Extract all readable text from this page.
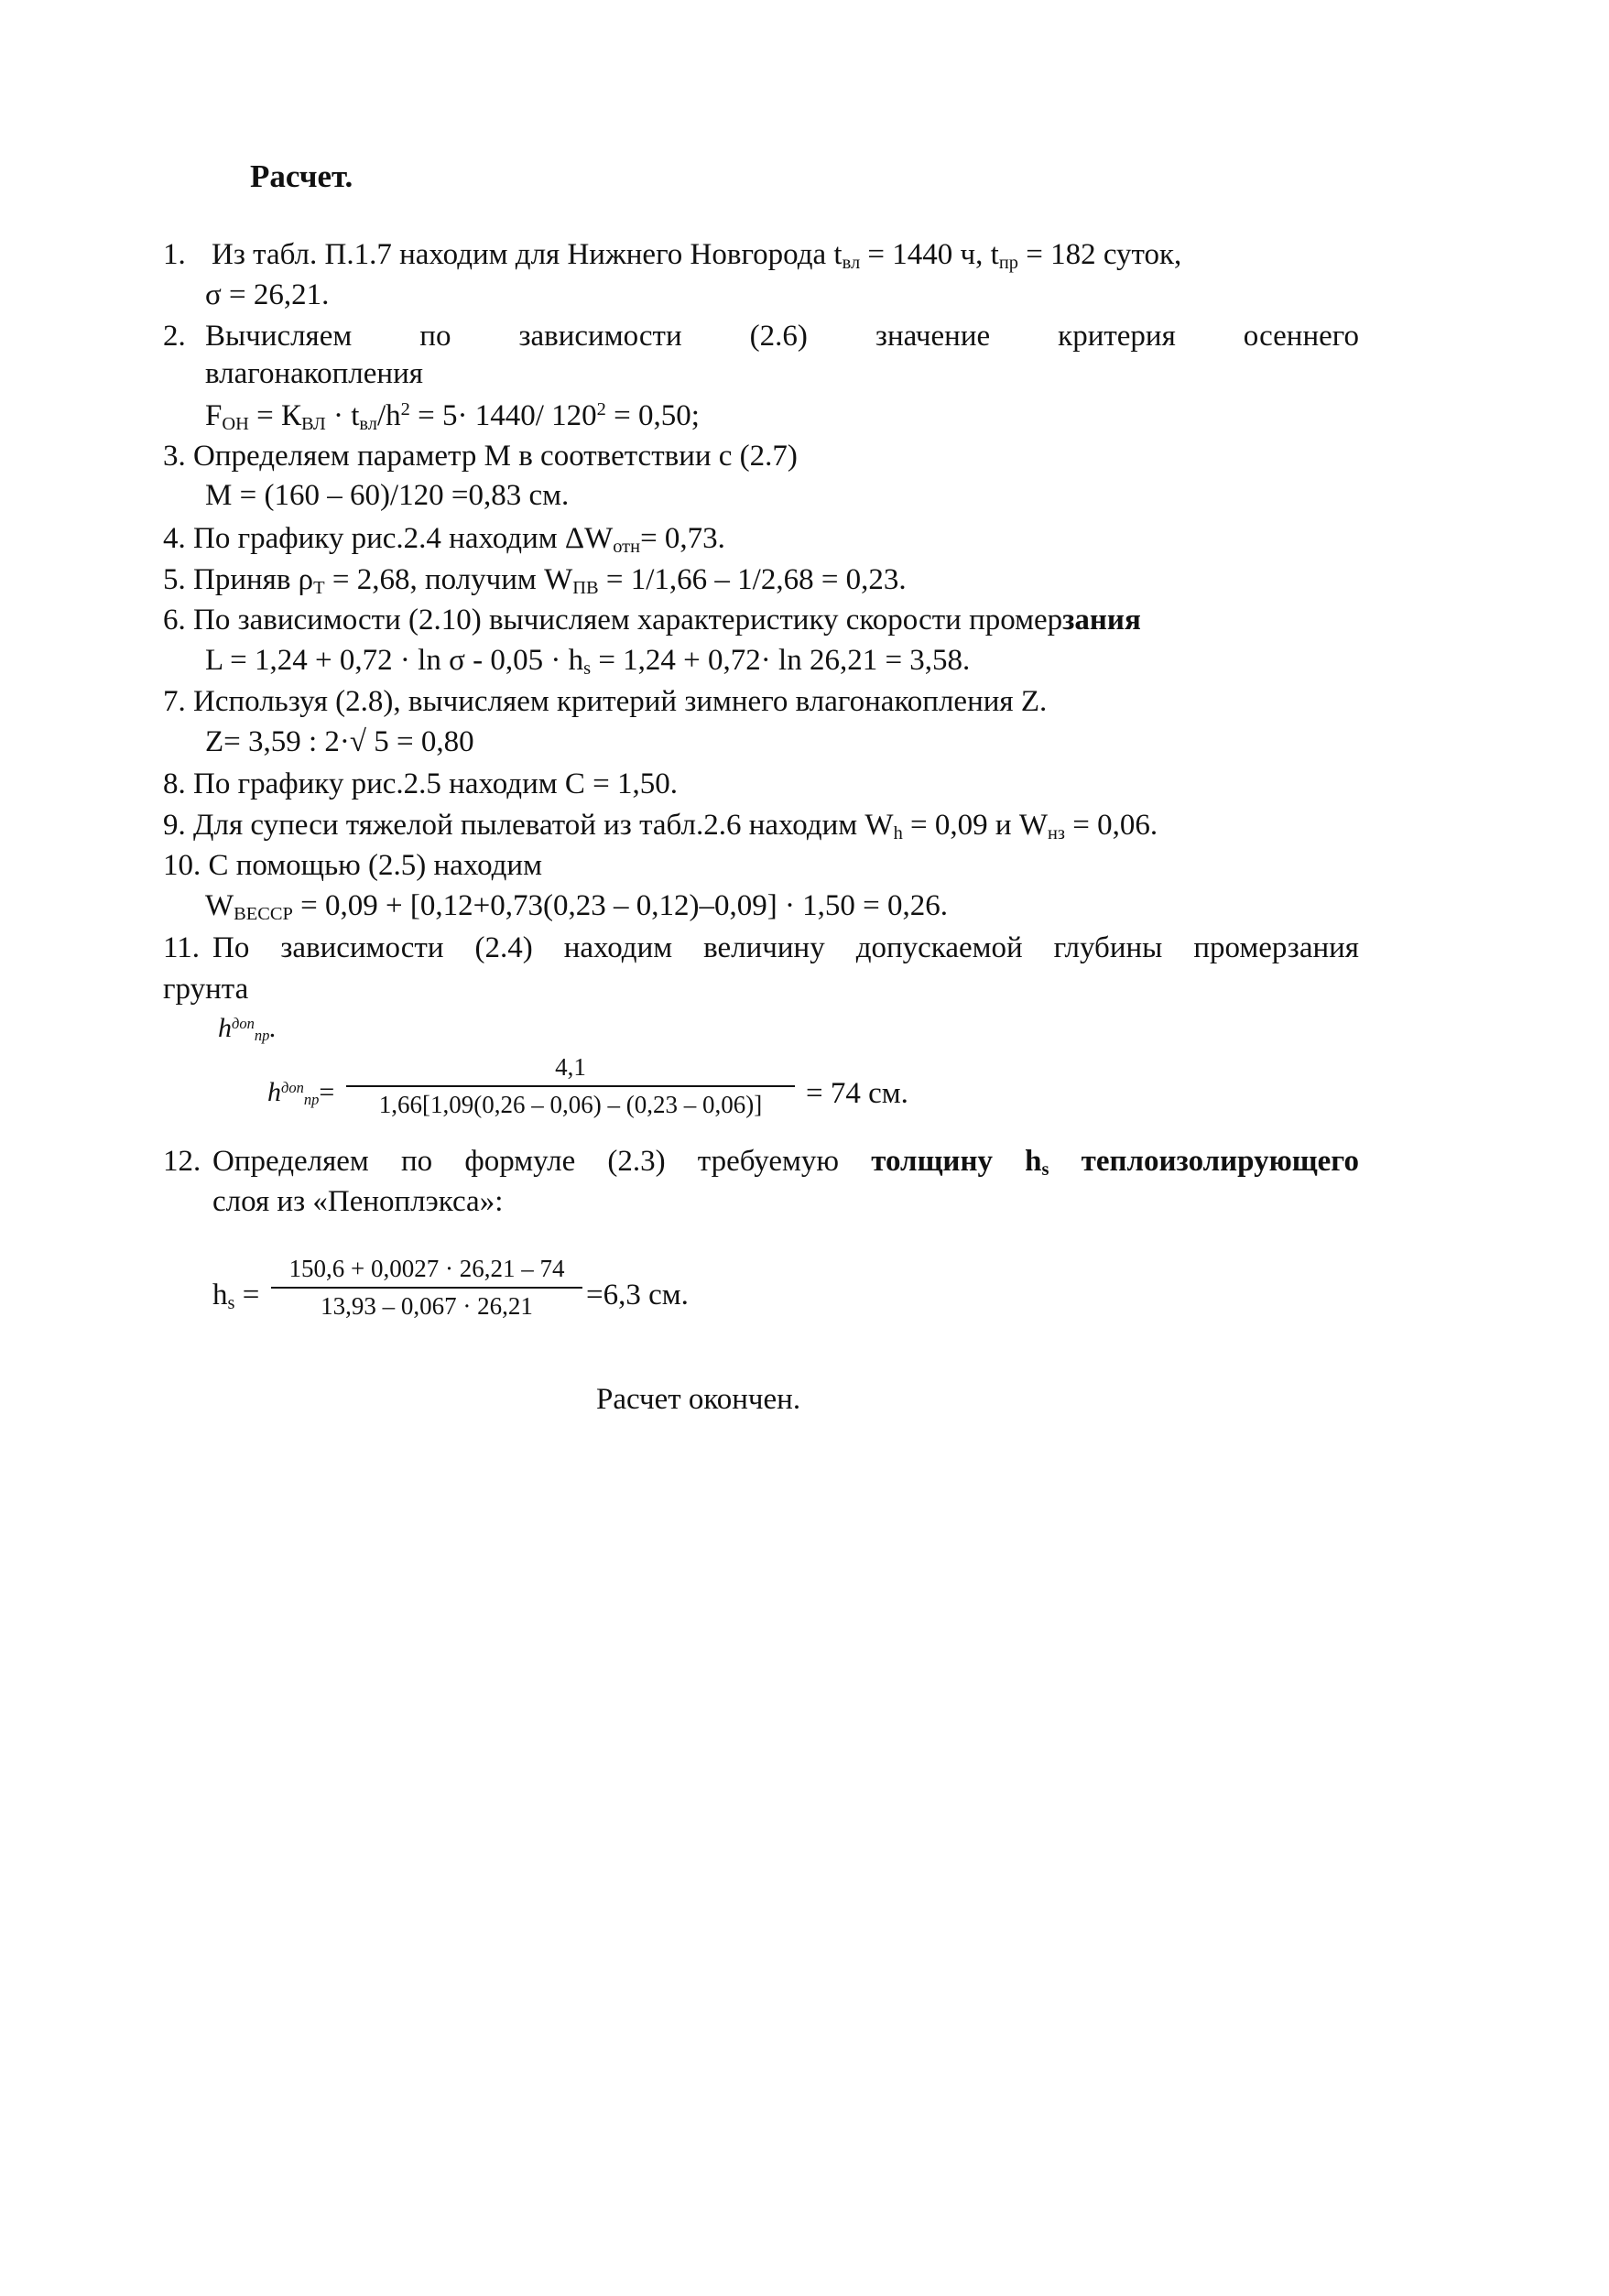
Расчет.
1. Из табл. П.1.7 находим для Нижнего Новгорода $t_{вл} = 1440$ ч, $t_{пр} = 182$ суток,
σ = 26,21.
2. Вычисляем по зависимости (2.6) значение критерия осеннего
влагонакопления
$F_{ОН} = К_{ВЛ} \cdot t_{вл}/h^2 = 5\cdot 1440/$ $120^2 = 0,50$;
3. Определяем параметр М в соответствии с (2.7)
М = (160 – 60)/120 =0,83 см.
4. По графику рис.2.4 находим $\Delta W_{отн}= 0,73$.
5. Приняв $\rho_Т = 2,68$, получим $W_{ПВ} = 1/1,66 - 1/2,68 = 0,23$.
6. По зависимости (2.10) вычисляем характеристику скорости промерзания
$L = 1,24 + 0,72 \cdot \ln \sigma - 0,05 \cdot h_s = 1,24 + 0,72\cdot \ln 26,21 = 3,58$.
7. Используя (2.8), вычисляем критерий зимнего влагонакопления Z.
Z= 3,59 : 2·√ 5 = 0,80
8. По графику рис.2.5 находим С = 1,50.
9. Для супеси тяжелой пылеватой из табл.2.6 находим $W_h = 0,09$ и $W_{нз} = 0,06$.
10. С помощью (2.5) находим
$W_{ВЕССР} = 0,09 + [0,12+0,73(0,23 - 0,12)-0,09] \cdot 1,50 = 0,26$.
11. По зависимости (2.4) находим величину допускаемой глубины промерзания
грунта
$h^{доп}_{пр}$.
$h^{доп}_{пр}=$
4,1
1,66[1,09(0,26 – 0,06) – (0,23 – 0,06)]	= 74 см.
12. Определяем по формуле (2.3) требуемую толщину $h_s$ теплоизолирующего
слоя из «Пеноплэкса»:
$h_s$ =
150,6 + 0,0027 · 26,21 – 74
13,93 – 0,067 · 26,21	=6,3 см.
Расчет окончен.
